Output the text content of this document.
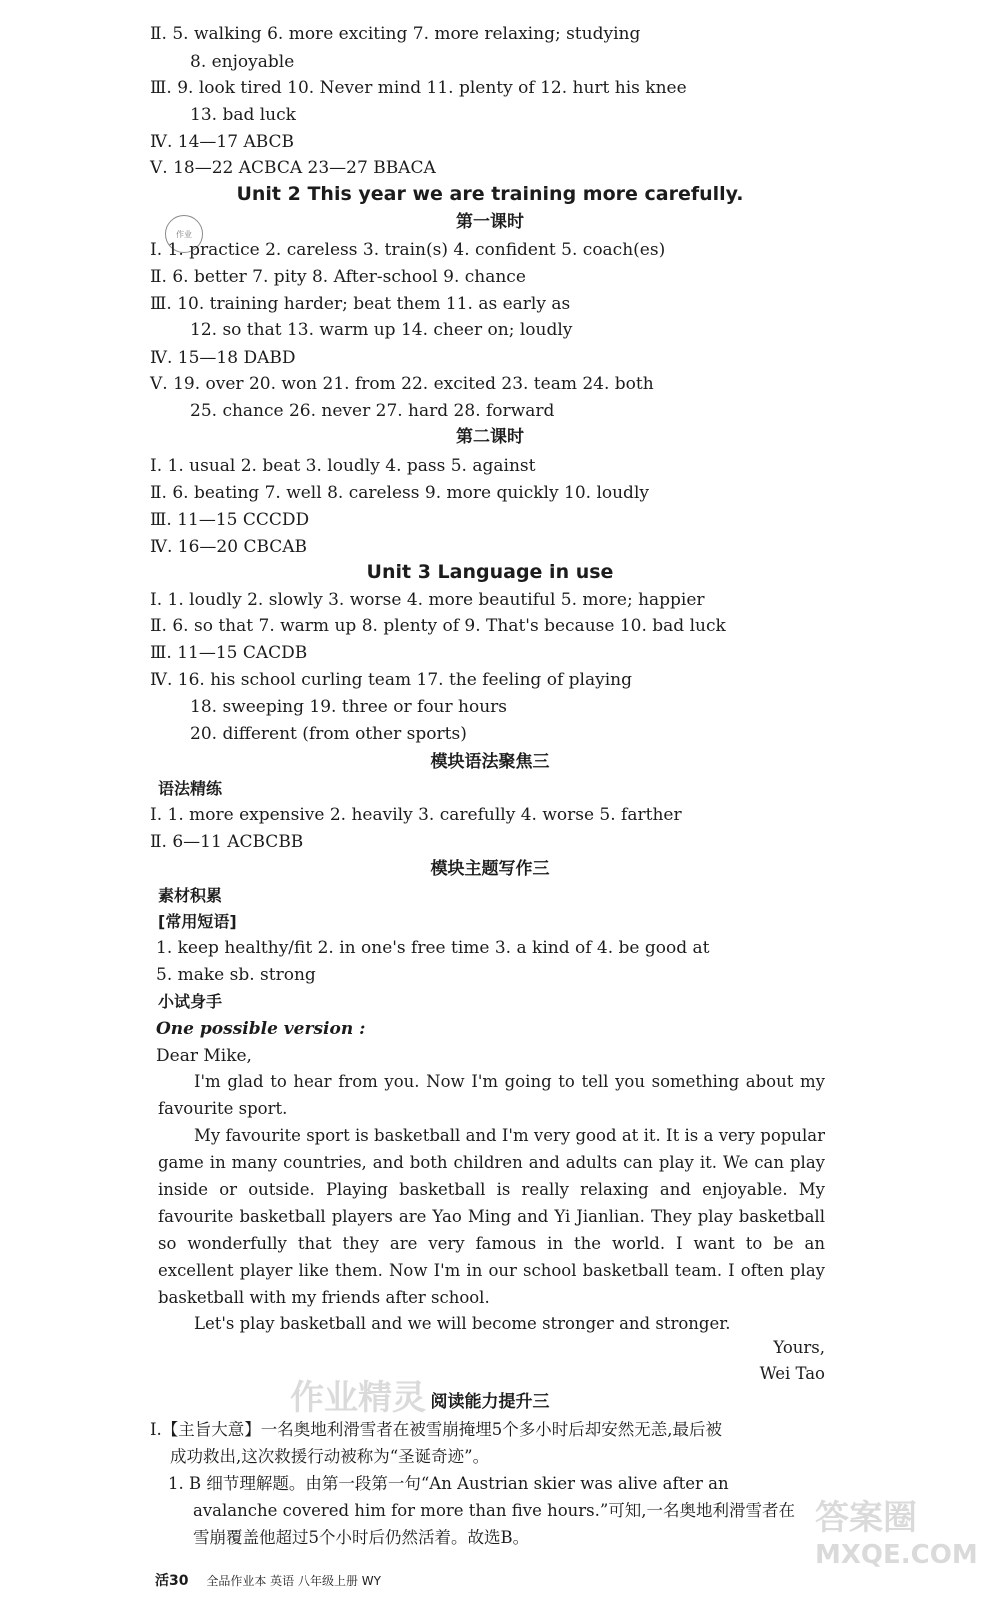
Ⅱ. 5. walking 6. more exciting 7. more relaxing; studying
8. enjoyable
Ⅲ. 9. look tired 10. Never mind 11. plenty of 12. hurt his knee
13. bad luck
Ⅳ. 14—17 ABCB
Ⅴ. 18—22 ACBCA 23—27 BBACA
Unit 2 This year we are training more carefully.
作业
第一课时
Ⅰ. 1. practice 2. careless 3. train(s) 4. confident 5. coach(es)
Ⅱ. 6. better 7. pity 8. After-school 9. chance
Ⅲ. 10. training harder; beat them 11. as early as
12. so that 13. warm up 14. cheer on; loudly
Ⅳ. 15—18 DABD
Ⅴ. 19. over 20. won 21. from 22. excited 23. team 24. both
25. chance 26. never 27. hard 28. forward
第二课时
Ⅰ. 1. usual 2. beat 3. loudly 4. pass 5. against
Ⅱ. 6. beating 7. well 8. careless 9. more quickly 10. loudly
Ⅲ. 11—15 CCCDD
Ⅳ. 16—20 CBCAB
Unit 3 Language in use
Ⅰ. 1. loudly 2. slowly 3. worse 4. more beautiful 5. more; happier
Ⅱ. 6. so that 7. warm up 8. plenty of 9. That's because 10. bad luck
Ⅲ. 11—15 CACDB
Ⅳ. 16. his school curling team 17. the feeling of playing
18. sweeping 19. three or four hours
20. different (from other sports)
模块语法聚焦三
语法精练
Ⅰ. 1. more expensive 2. heavily 3. carefully 4. worse 5. farther
Ⅱ. 6—11 ACBCBB
模块主题写作三
素材积累
[常用短语]
1. keep healthy/fit 2. in one's free time 3. a kind of 4. be good at
5. make sb. strong
小试身手
One possible version :
Dear Mike,
I'm glad to hear from you. Now I'm going to tell you something about my favourite sport.
My favourite sport is basketball and I'm very good at it. It is a very popular game in many countries, and both children and adults can play it. We can play inside or outside. Playing basketball is really relaxing and enjoyable. My favourite basketball players are Yao Ming and Yi Jianlian. They play basketball so wonderfully that they are very famous in the world. I want to be an excellent player like them. Now I'm in our school basketball team. I often play basketball with my friends after school.
Let's play basketball and we will become stronger and stronger.
Yours,
Wei Tao
阅读能力提升三
Ⅰ.【主旨大意】一名奥地利滑雪者在被雪崩掩埋5个多小时后却安然无恙,最后被
成功救出,这次救援行动被称为“圣诞奇迹”。
1. B 细节理解题。由第一段第一句“An Austrian skier was alive after an
avalanche covered him for more than five hours.”可知,一名奥地利滑雪者在
雪崩覆盖他超过5个小时后仍然活着。故选B。
作业精灵
答案圈
MXQE.COM
活30 全品作业本 英语 八年级上册 WY
